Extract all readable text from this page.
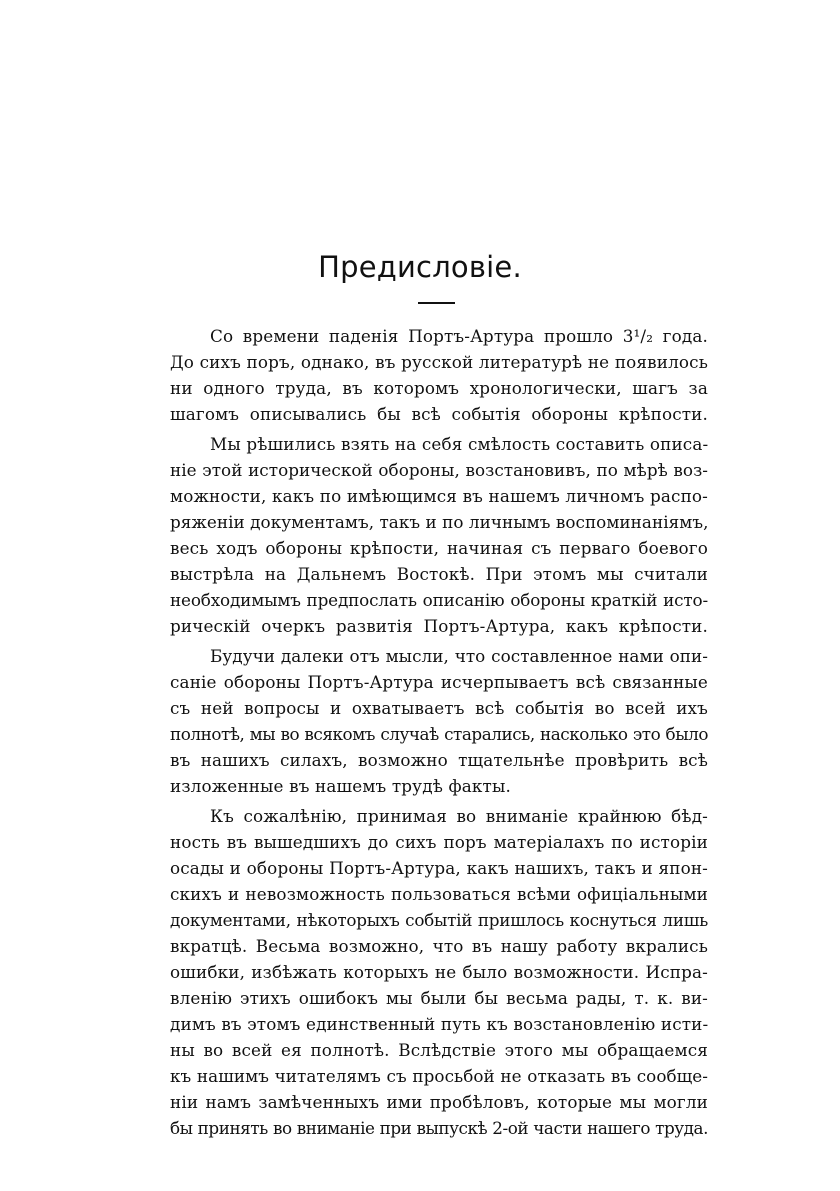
Предисловіе.
Со времени паденія Портъ-Артура прошло 3¹/₂ года.
До сихъ поръ, однако, въ русской литературѣ не появилось
ни одного труда, въ которомъ хронологически, шагъ за
шагомъ описывались бы всѣ событія обороны крѣпости.
Мы рѣшились взять на себя смѣлость составить описа-
ніе этой исторической обороны, возстановивъ, по мѣрѣ воз-
можности, какъ по имѣющимся въ нашемъ личномъ распо-
ряженіи документамъ, такъ и по личнымъ воспоминаніямъ,
весь ходъ обороны крѣпости, начиная съ перваго боевого
выстрѣла на Дальнемъ Востокѣ. При этомъ мы считали
необходимымъ предпослать описанію обороны краткій исто-
рическій очеркъ развитія Портъ-Артура, какъ крѣпости.
Будучи далеки отъ мысли, что составленное нами опи-
саніе обороны Портъ-Артура исчерпываетъ всѣ связанные
съ ней вопросы и охватываетъ всѣ событія во всей ихъ
полнотѣ, мы во всякомъ случаѣ старались, насколько это было
въ нашихъ силахъ, возможно тщательнѣе провѣрить всѣ
изложенные въ нашемъ трудѣ факты.
Къ сожалѣнію, принимая во вниманіе крайнюю бѣд-
ность въ вышедшихъ до сихъ поръ матеріалахъ по исторіи
осады и обороны Портъ-Артура, какъ нашихъ, такъ и япон-
скихъ и невозможность пользоваться всѣми офиціальными
документами, нѣкоторыхъ событій пришлось коснуться лишь
вкратцѣ. Весьма возможно, что въ нашу работу вкрались
ошибки, избѣжать которыхъ не было возможности. Испра-
вленію этихъ ошибокъ мы были бы весьма рады, т. к. ви-
димъ въ этомъ единственный путь къ возстановленію исти-
ны во всей ея полнотѣ. Вслѣдствіе этого мы обращаемся
къ нашимъ читателямъ съ просьбой не отказать въ сообще-
ніи намъ замѣченныхъ ими пробѣловъ, которые мы могли
бы принять во вниманіе при выпускѣ 2-ой части нашего труда.
